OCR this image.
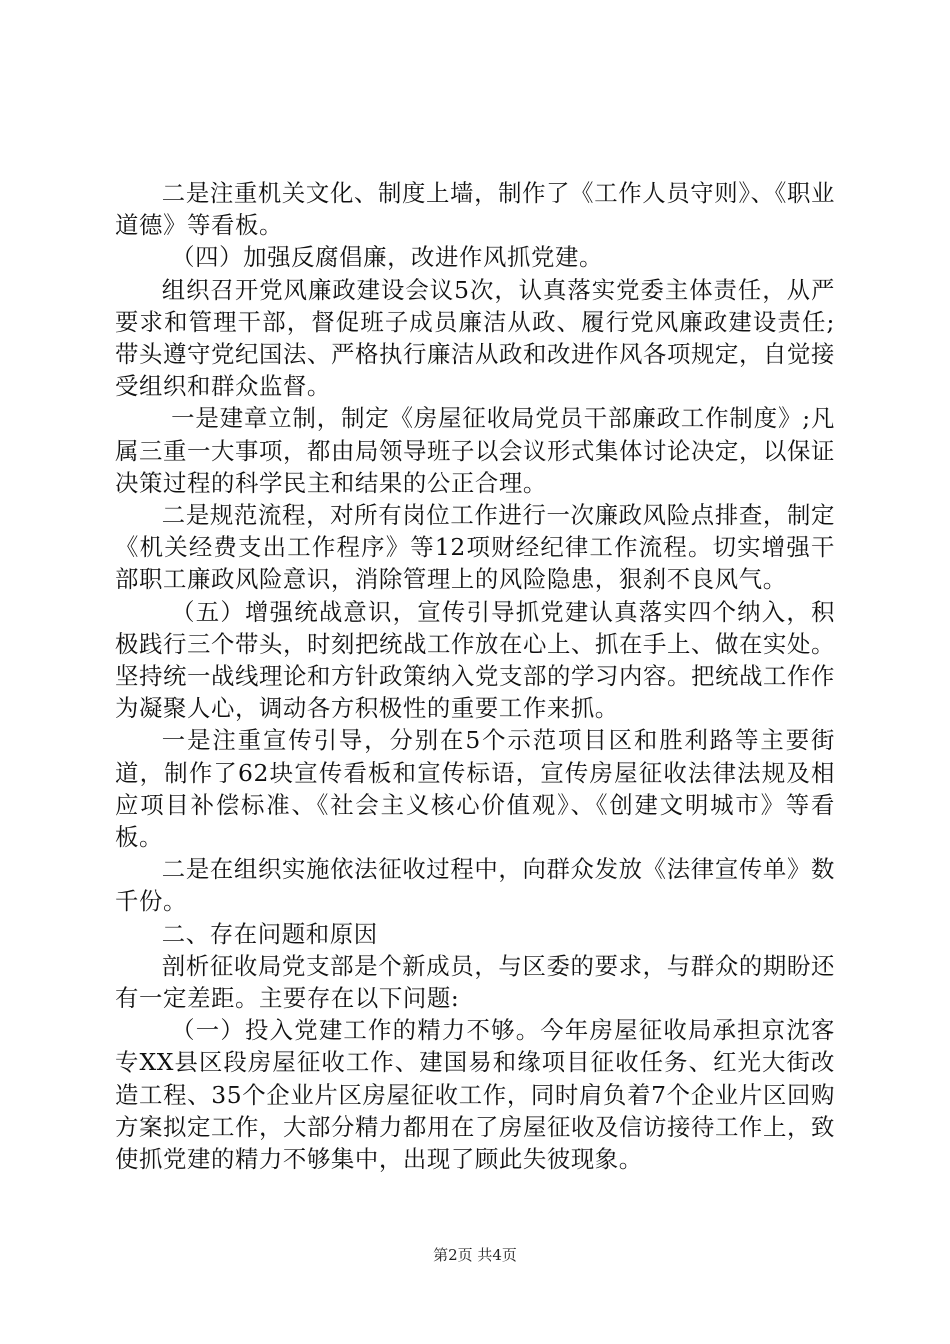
二是注重机关文化、制度上墙，制作了《工作人员守则》、《职业道德》等看板。

（四）加强反腐倡廉，改进作风抓党建。

组织召开党风廉政建设会议5次，认真落实党委主体责任，从严要求和管理干部，督促班子成员廉洁从政、履行党风廉政建设责任;带头遵守党纪国法、严格执行廉洁从政和改进作风各项规定，自觉接受组织和群众监督。

一是建章立制，制定《房屋征收局党员干部廉政工作制度》;凡属三重一大事项，都由局领导班子以会议形式集体讨论决定，以保证决策过程的科学民主和结果的公正合理。

二是规范流程，对所有岗位工作进行一次廉政风险点排查，制定《机关经费支出工作程序》等12项财经纪律工作流程。切实增强干部职工廉政风险意识，消除管理上的风险隐患，狠刹不良风气。

（五）增强统战意识，宣传引导抓党建认真落实四个纳入，积极践行三个带头，时刻把统战工作放在心上、抓在手上、做在实处。坚持统一战线理论和方针政策纳入党支部的学习内容。把统战工作作为凝聚人心，调动各方积极性的重要工作来抓。

一是注重宣传引导，分别在5个示范项目区和胜利路等主要街道，制作了62块宣传看板和宣传标语，宣传房屋征收法律法规及相应项目补偿标准、《社会主义核心价值观》、《创建文明城市》等看板。

二是在组织实施依法征收过程中，向群众发放《法律宣传单》数千份。

二、存在问题和原因

剖析征收局党支部是个新成员，与区委的要求，与群众的期盼还有一定差距。主要存在以下问题:

（一）投入党建工作的精力不够。今年房屋征收局承担京沈客专XX县区段房屋征收工作、建国易和缘项目征收任务、红光大街改造工程、35个企业片区房屋征收工作，同时肩负着7个企业片区回购方案拟定工作，大部分精力都用在了房屋征收及信访接待工作上，致使抓党建的精力不够集中，出现了顾此失彼现象。

第2页 共4页
